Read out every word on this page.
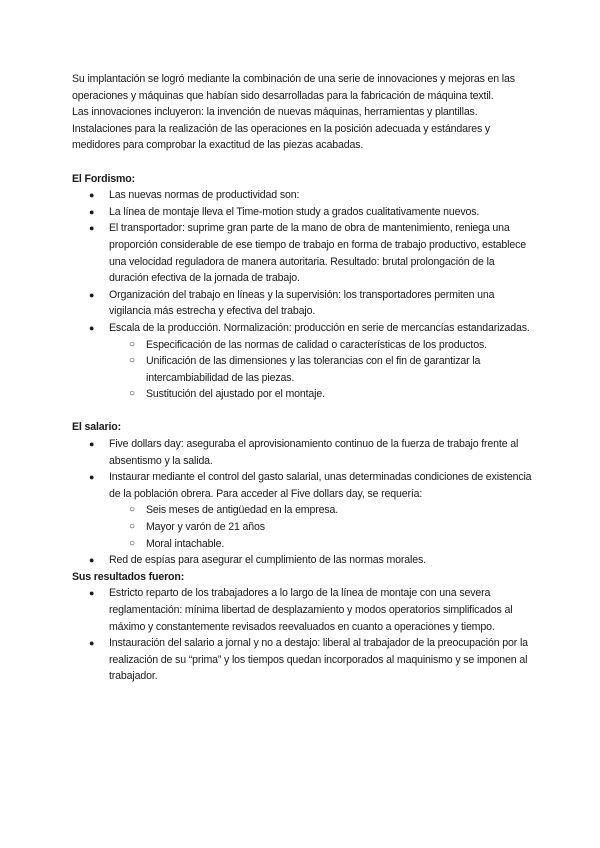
Su implantación se logró mediante la combinación de una serie de innovaciones y mejoras en las operaciones y máquinas que habían sido desarrolladas para la fabricación de máquina textil.

Las innovaciones incluyeron: la invención de nuevas máquinas, herramientas y plantillas. Instalaciones para la realización de las operaciones en la posición adecuada y estándares y medidores para comprobar la exactitud de las piezas acabadas.

El Fordismo:
● Las nuevas normas de productividad son:
● La línea de montaje lleva el Time-motion study a grados cualitativamente nuevos.
● El transportador: suprime gran parte de la mano de obra de mantenimiento, reniega una proporción considerable de ese tiempo de trabajo en forma de trabajo productivo, establece una velocidad reguladora de manera autoritaria. Resultado: brutal prolongación de la duración efectiva de la jornada de trabajo.
● Organización del trabajo en líneas y la supervisión: los transportadores permiten una vigilancia más estrecha y efectiva del trabajo.
● Escala de la producción. Normalización: producción en serie de mercancías estandarizadas.
○ Especificación de las normas de calidad o características de los productos.
○ Unificación de las dimensiones y las tolerancias con el fin de garantizar la intercambiabilidad de las piezas.
○ Sustitución del ajustado por el montaje.
El salario:
● Five dollars day: aseguraba el aprovisionamiento continuo de la fuerza de trabajo frente al absentismo y la salida.
● Instaurar mediante el control del gasto salarial, unas determinadas condiciones de existencia de la población obrera. Para acceder al Five dollars day, se requería:
○ Seis meses de antigüedad en la empresa.
○ Mayor y varón de 21 años
○ Moral intachable.
● Red de espías para asegurar el cumplimiento de las normas morales.
Sus resultados fueron:
● Estricto reparto de los trabajadores a lo largo de la línea de montaje con una severa reglamentación: mínima libertad de desplazamiento y modos operatorios simplificados al máximo y constantemente revisados reevaluados en cuanto a operaciones y tiempo.
● Instauración del salario a jornal y no a destajo: liberal al trabajador de la preocupación por la realización de su “prima” y los tiempos quedan incorporados al maquinismo y se imponen al trabajador.
